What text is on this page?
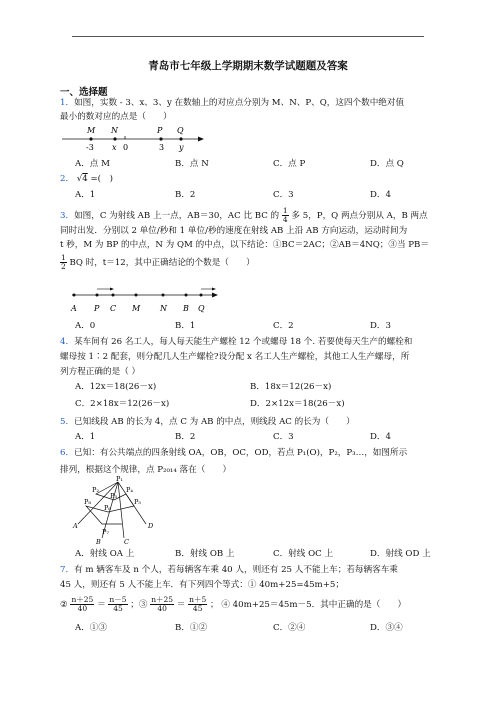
青岛市七年级上学期期末数学试题题及答案
一、选择题
1．如图，实数 - 3、x、3、y 在数轴上的对应点分别为 M、N、P、Q，这四个数中绝对值
最小的数对应的点是（　　）
M N	P Q
-3 x 0	3 y
A．点 M	B．点 N	C．点 P	D．点 Q
2． √4 =(　)
A．1	B．2	C．3	D．4
3．如图，C 为射线 AB 上一点，AB＝30，AC 比 BC 的 $\frac{1}{4}$ 多 5，P，Q 两点分别从 A，B 两点
同时出发．分别以 2 单位/秒和 1 单位/秒的速度在射线 AB 上沿 AB 方向运动，运动时间为
t 秒，M 为 BP 的中点，N 为 QM 的中点，以下结论：①BC＝2AC；②AB＝4NQ；③当 PB＝
$\frac{1}{2}$ BQ 时，t＝12，其中正确结论的个数是（　　）
A P C M N B Q
A．0	B．1	C．2	D．3
4．某车间有 26 名工人，每人每天能生产螺栓 12 个或螺母 18 个. 若要使每天生产的螺栓和
螺母按 1∶2 配套，则分配几人生产螺栓?设分配 x 名工人生产螺栓，其他工人生产螺母，所
列方程正确的是（ ）
A．12x＝18(26－x)	B．18x＝12(26－x)
C．2×18x＝12(26－x)	D．2×12x＝18(26－x)
5．已知线段 AB 的长为 4，点 C 为 AB 的中点，则线段 AC 的长为（　　）
A．1	B．2	C．3	D．4
6．已知：有公共端点的四条射线 OA，OB，OC，OD，若点 P₁(O)，P₂，P₃…，如图所示
排列，根据这个规律，点 P₂₀₁₄ 落在（　　）
P₁
P₂
P₃
P₄
P₅
P₆
P₇
P₈
A
B	C
D
A．射线 OA 上	B．射线 OB 上	C．射线 OC 上	D．射线 OD 上
7．有 m 辆客车及 n 个人，若每辆客车乘 40 人，则还有 25 人不能上车；若每辆客车乘
45 人，则还有 5 人不能上车．有下列四个等式：① 40m+25=45m+5；
② $\frac{n+25}{40} = \frac{n-5}{45}$ ；③ $\frac{n+25}{40} = \frac{n+5}{45}$ ； ④ 40m+25＝45m－5．其中正确的是（　　）
A．①③	B．①②	C．②④	D．③④
